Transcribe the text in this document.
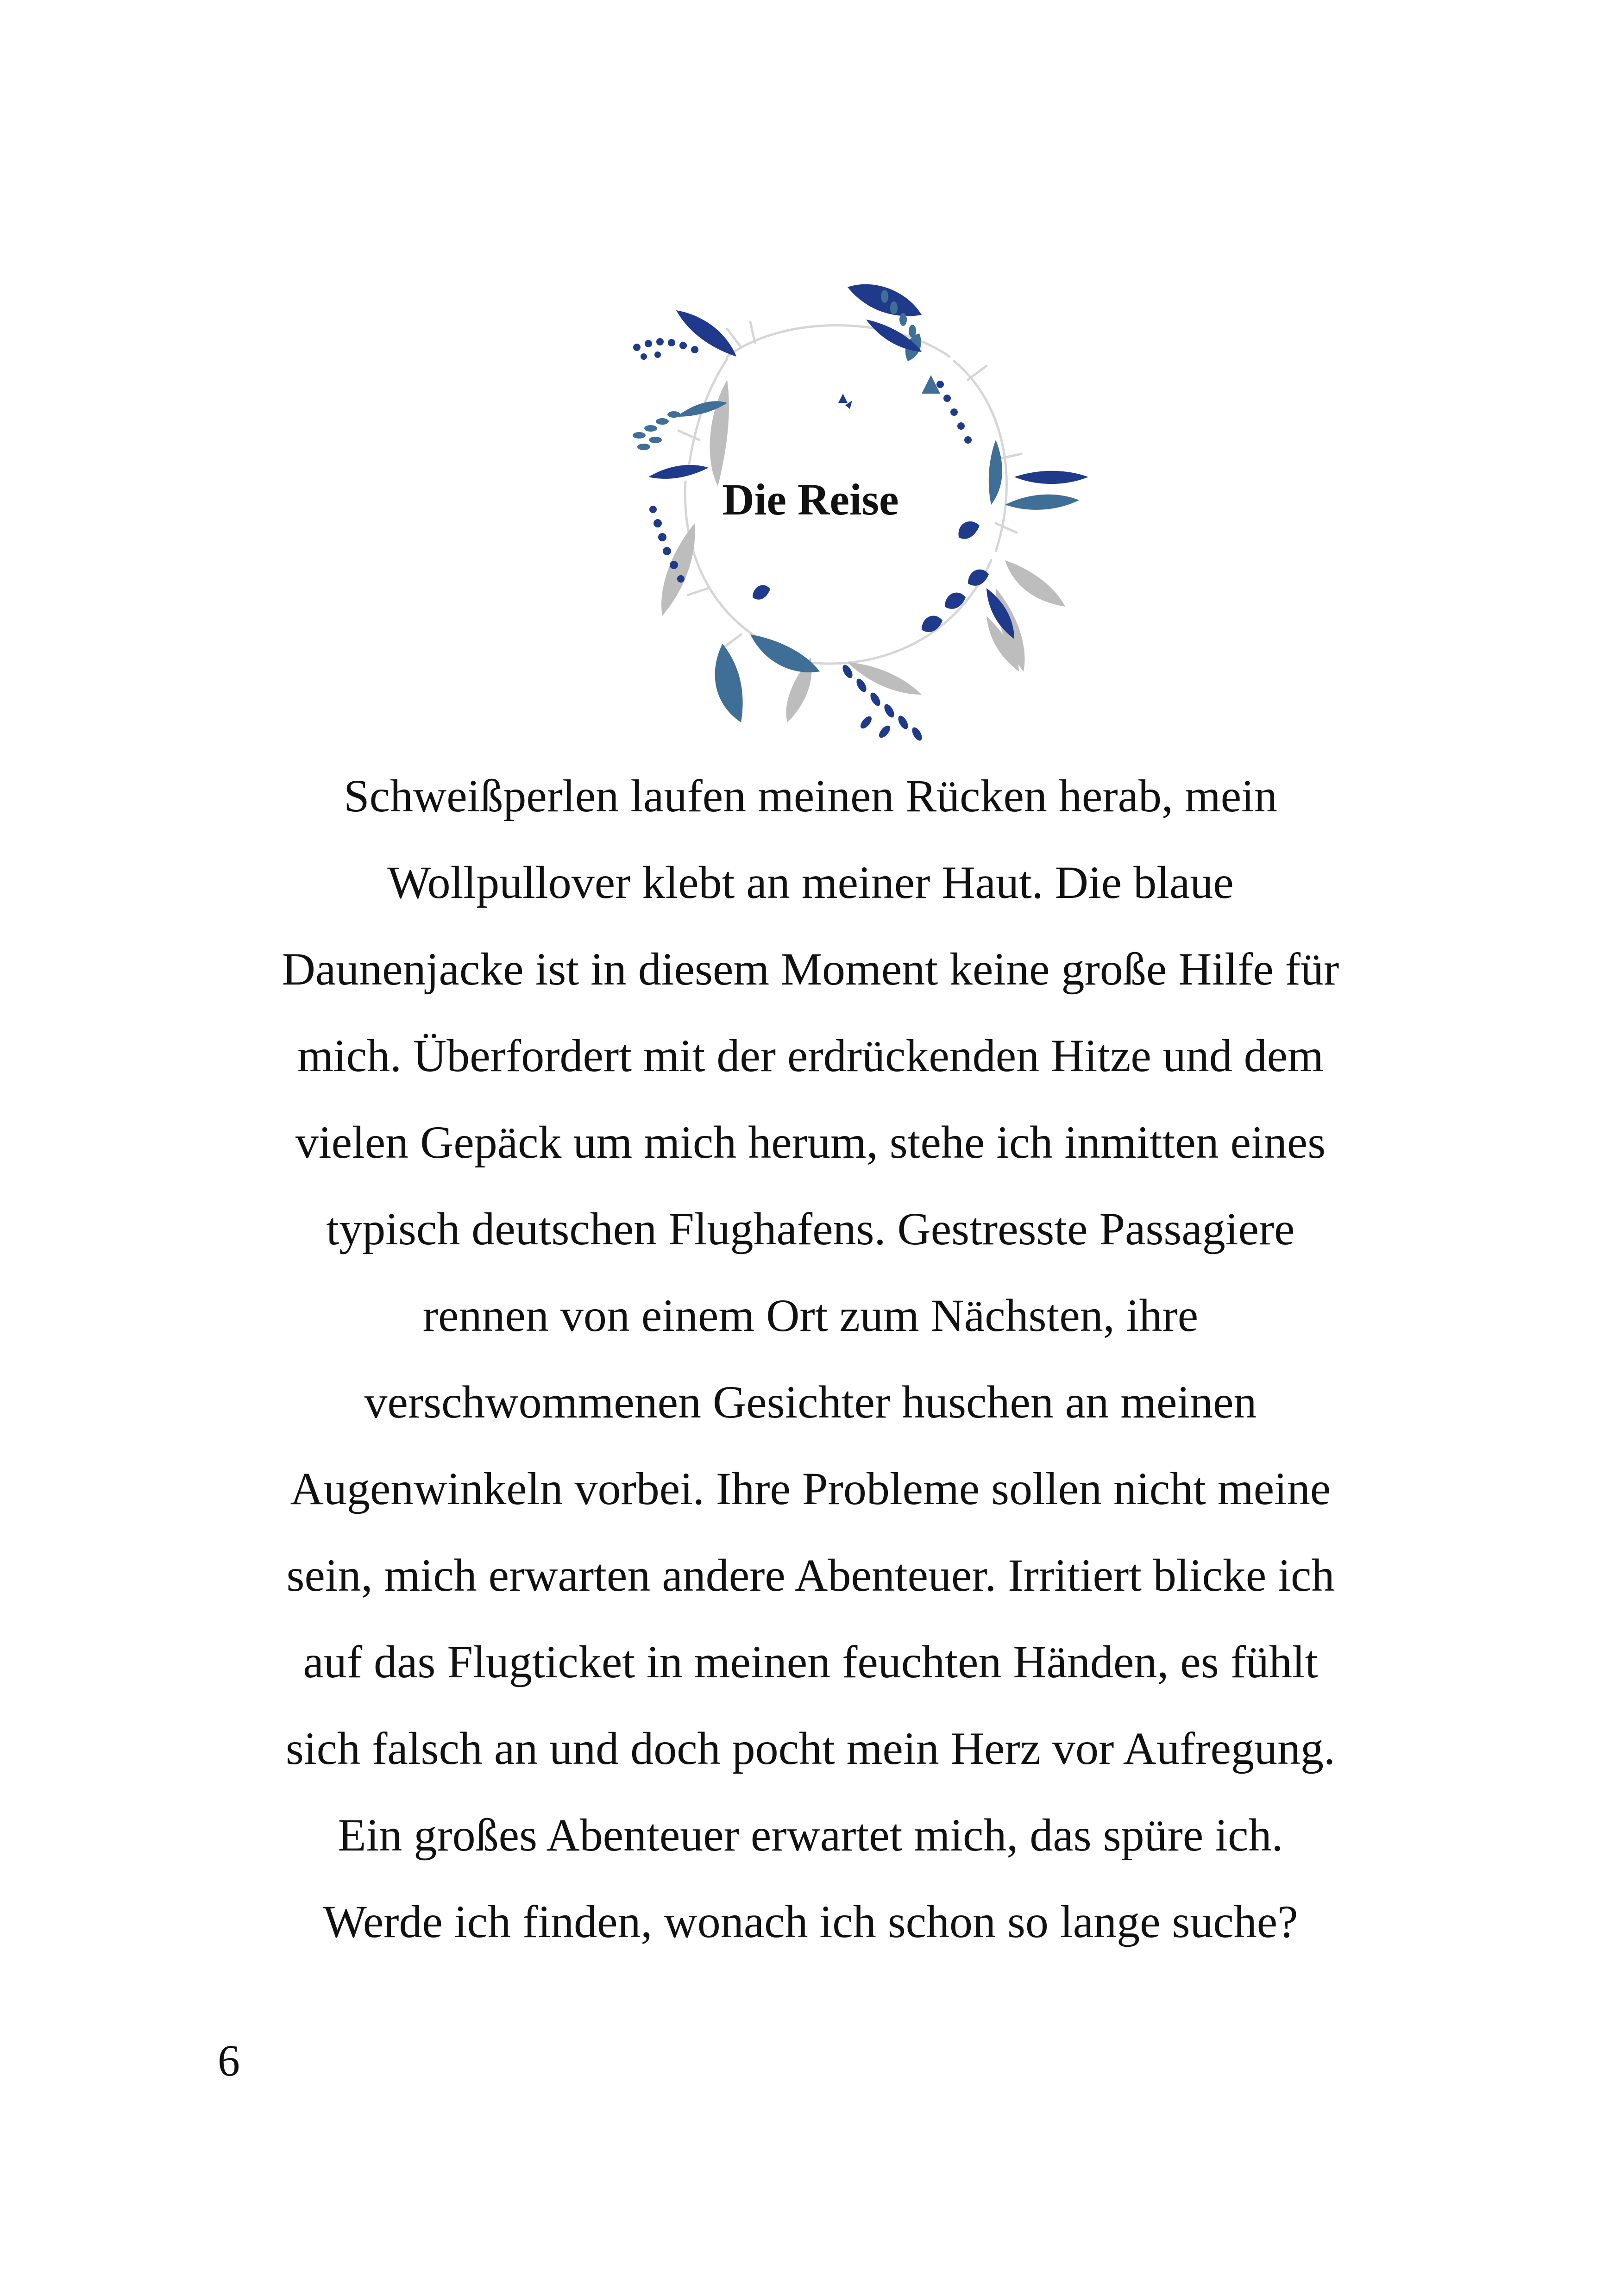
Die Reise

Schweißperlen laufen meinen Rücken herab, mein
Wollpullover klebt an meiner Haut. Die blaue
Daunenjacke ist in diesem Moment keine große Hilfe für
mich. Überfordert mit der erdrückenden Hitze und dem
vielen Gepäck um mich herum, stehe ich inmitten eines
typisch deutschen Flughafens. Gestresste Passagiere
rennen von einem Ort zum Nächsten, ihre
verschwommenen Gesichter huschen an meinen
Augenwinkeln vorbei. Ihre Probleme sollen nicht meine
sein, mich erwarten andere Abenteuer. Irritiert blicke ich
auf das Flugticket in meinen feuchten Händen, es fühlt
sich falsch an und doch pocht mein Herz vor Aufregung.
Ein großes Abenteuer erwartet mich, das spüre ich.
Werde ich finden, wonach ich schon so lange suche?

6
